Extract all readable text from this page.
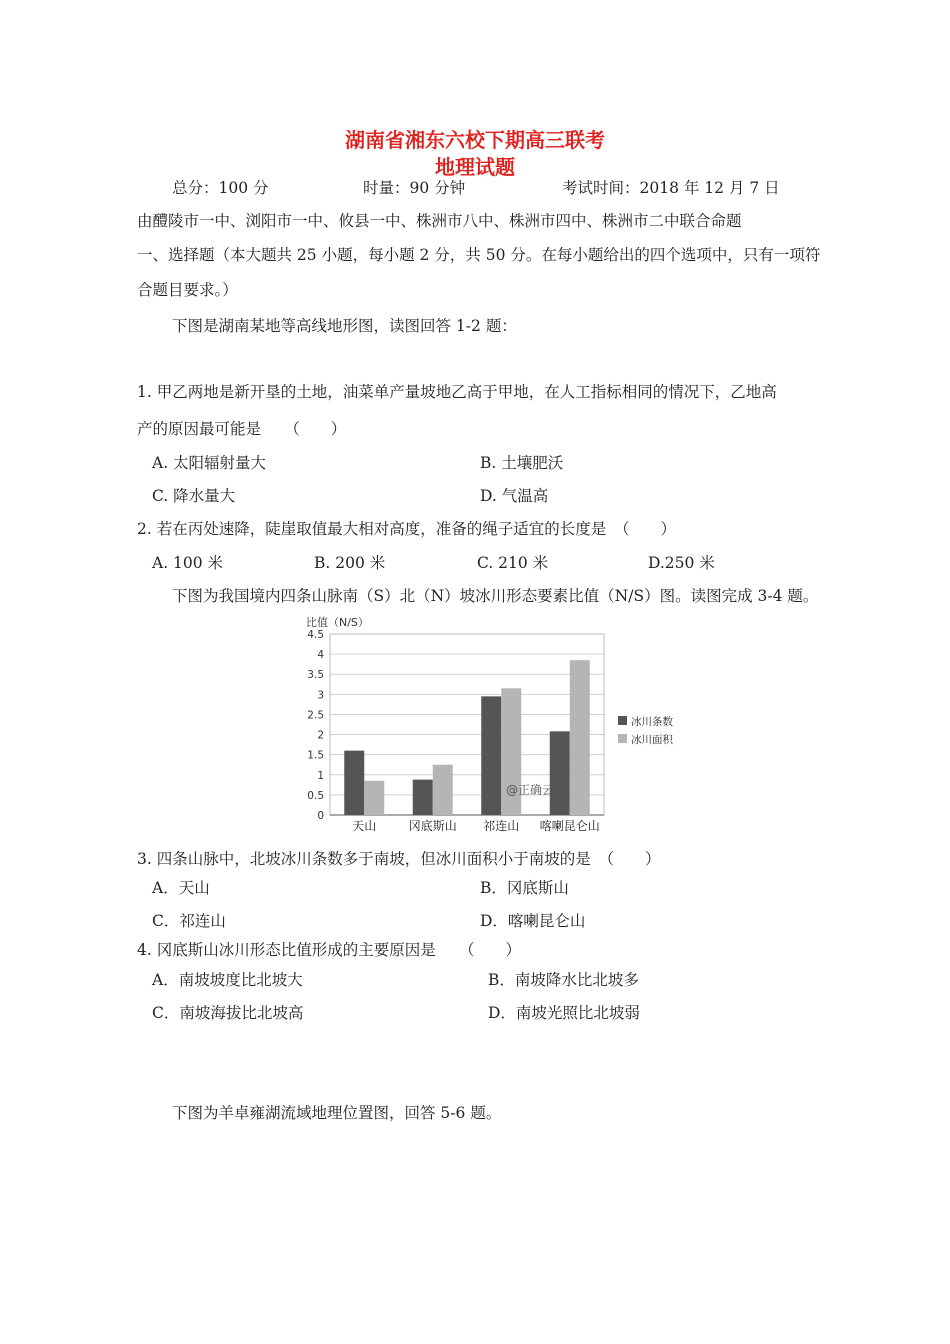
湖南省湘东六校下期高三联考
地理试题
总分：100 分	时量：90 分钟	考试时间：2018 年 12 月 7 日
由醴陵市一中、浏阳市一中、攸县一中、株洲市八中、株洲市四中、株洲市二中联合命题
一、选择题（本大题共 25 小题，每小题 2 分，共 50 分。在每小题给出的四个选项中，只有一项符
合题目要求。）
下图是湖南某地等高线地形图，读图回答 1-2 题：
1. 甲乙两地是新开垦的土地，油菜单产量坡地乙高于甲地，在人工指标相同的情况下，乙地高
产的原因最可能是　　（　　）
A. 太阳辐射量大	B. 土壤肥沃
C. 降水量大	D. 气温高
2. 若在丙处速降，陡崖取值最大相对高度，准备的绳子适宜的长度是　（　　）
A. 100 米	B. 200 米	C. 210 米	D.250 米
下图为我国境内四条山脉南（S）北（N）坡冰川形态要素比值（N/S）图。读图完成 3-4 题。
比值（N/S）
0
0.5
1
1.5
2
2.5
3
3.5
4
4.5
天山	冈底斯山 祁连山 喀喇昆仑山
@正确云
冰川条数
冰川面积
3. 四条山脉中，北坡冰川条数多于南坡，但冰川面积小于南坡的是　（　　）
A．天山	B．冈底斯山
C．祁连山	D．喀喇昆仑山
4. 冈底斯山冰川形态比值形成的主要原因是　　（　　）
A．南坡坡度比北坡大	B．南坡降水比北坡多
C．南坡海拔比北坡高	D．南坡光照比北坡弱
下图为羊卓雍湖流域地理位置图，回答 5-6 题。
